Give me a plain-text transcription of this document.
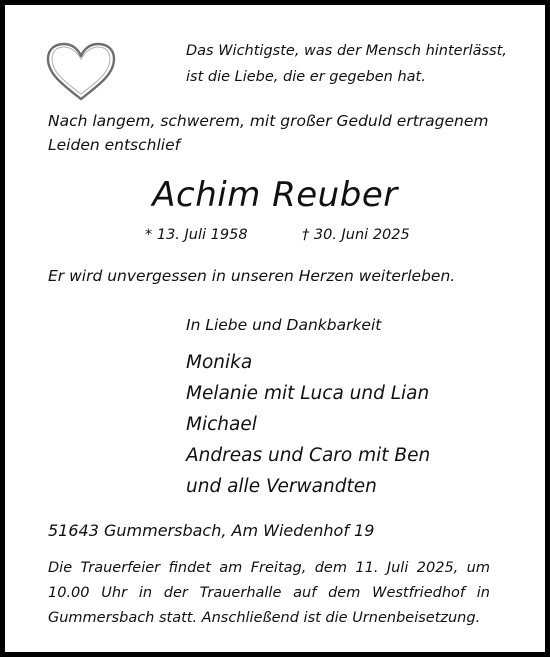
Das Wichtigste, was der Mensch hinterlässt,
ist die Liebe, die er gegeben hat.
Nach langem, schwerem, mit großer Geduld ertragenem
Leiden entschlief
Achim Reuber
* 13. Juli 1958	† 30. Juni 2025
Er wird unvergessen in unseren Herzen weiterleben.
In Liebe und Dankbarkeit
Monika
Melanie mit Luca und Lian
Michael
Andreas und Caro mit Ben
und alle Verwandten
51643 Gummersbach, Am Wiedenhof 19
Die Trauerfeier findet am Freitag, dem 11. Juli 2025, um 10.00 Uhr in der Trauerhalle auf dem Westfriedhof in Gummersbach statt. Anschließend ist die Urnenbeisetzung.
